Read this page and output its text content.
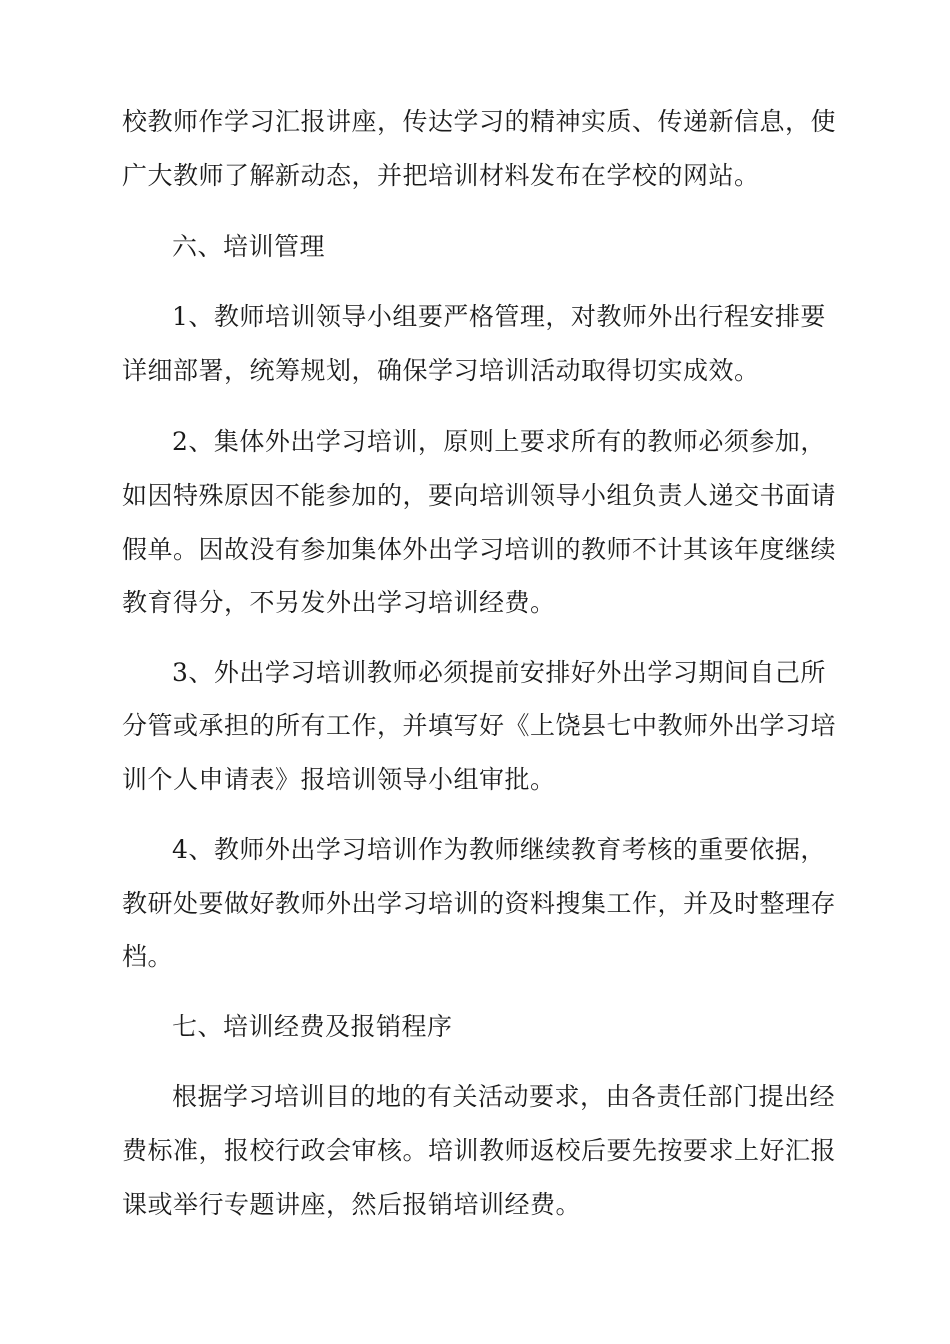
校教师作学习汇报讲座，传达学习的精神实质、传递新信息，使
广大教师了解新动态，并把培训材料发布在学校的网站。
六、培训管理
1、教师培训领导小组要严格管理，对教师外出行程安排要
详细部署，统筹规划，确保学习培训活动取得切实成效。
2、集体外出学习培训，原则上要求所有的教师必须参加，
如因特殊原因不能参加的，要向培训领导小组负责人递交书面请
假单。因故没有参加集体外出学习培训的教师不计其该年度继续
教育得分，不另发外出学习培训经费。
3、外出学习培训教师必须提前安排好外出学习期间自己所
分管或承担的所有工作，并填写好《上饶县七中教师外出学习培
训个人申请表》报培训领导小组审批。
4、教师外出学习培训作为教师继续教育考核的重要依据，
教研处要做好教师外出学习培训的资料搜集工作，并及时整理存
档。
七、培训经费及报销程序
根据学习培训目的地的有关活动要求，由各责任部门提出经
费标准，报校行政会审核。培训教师返校后要先按要求上好汇报
课或举行专题讲座，然后报销培训经费。
